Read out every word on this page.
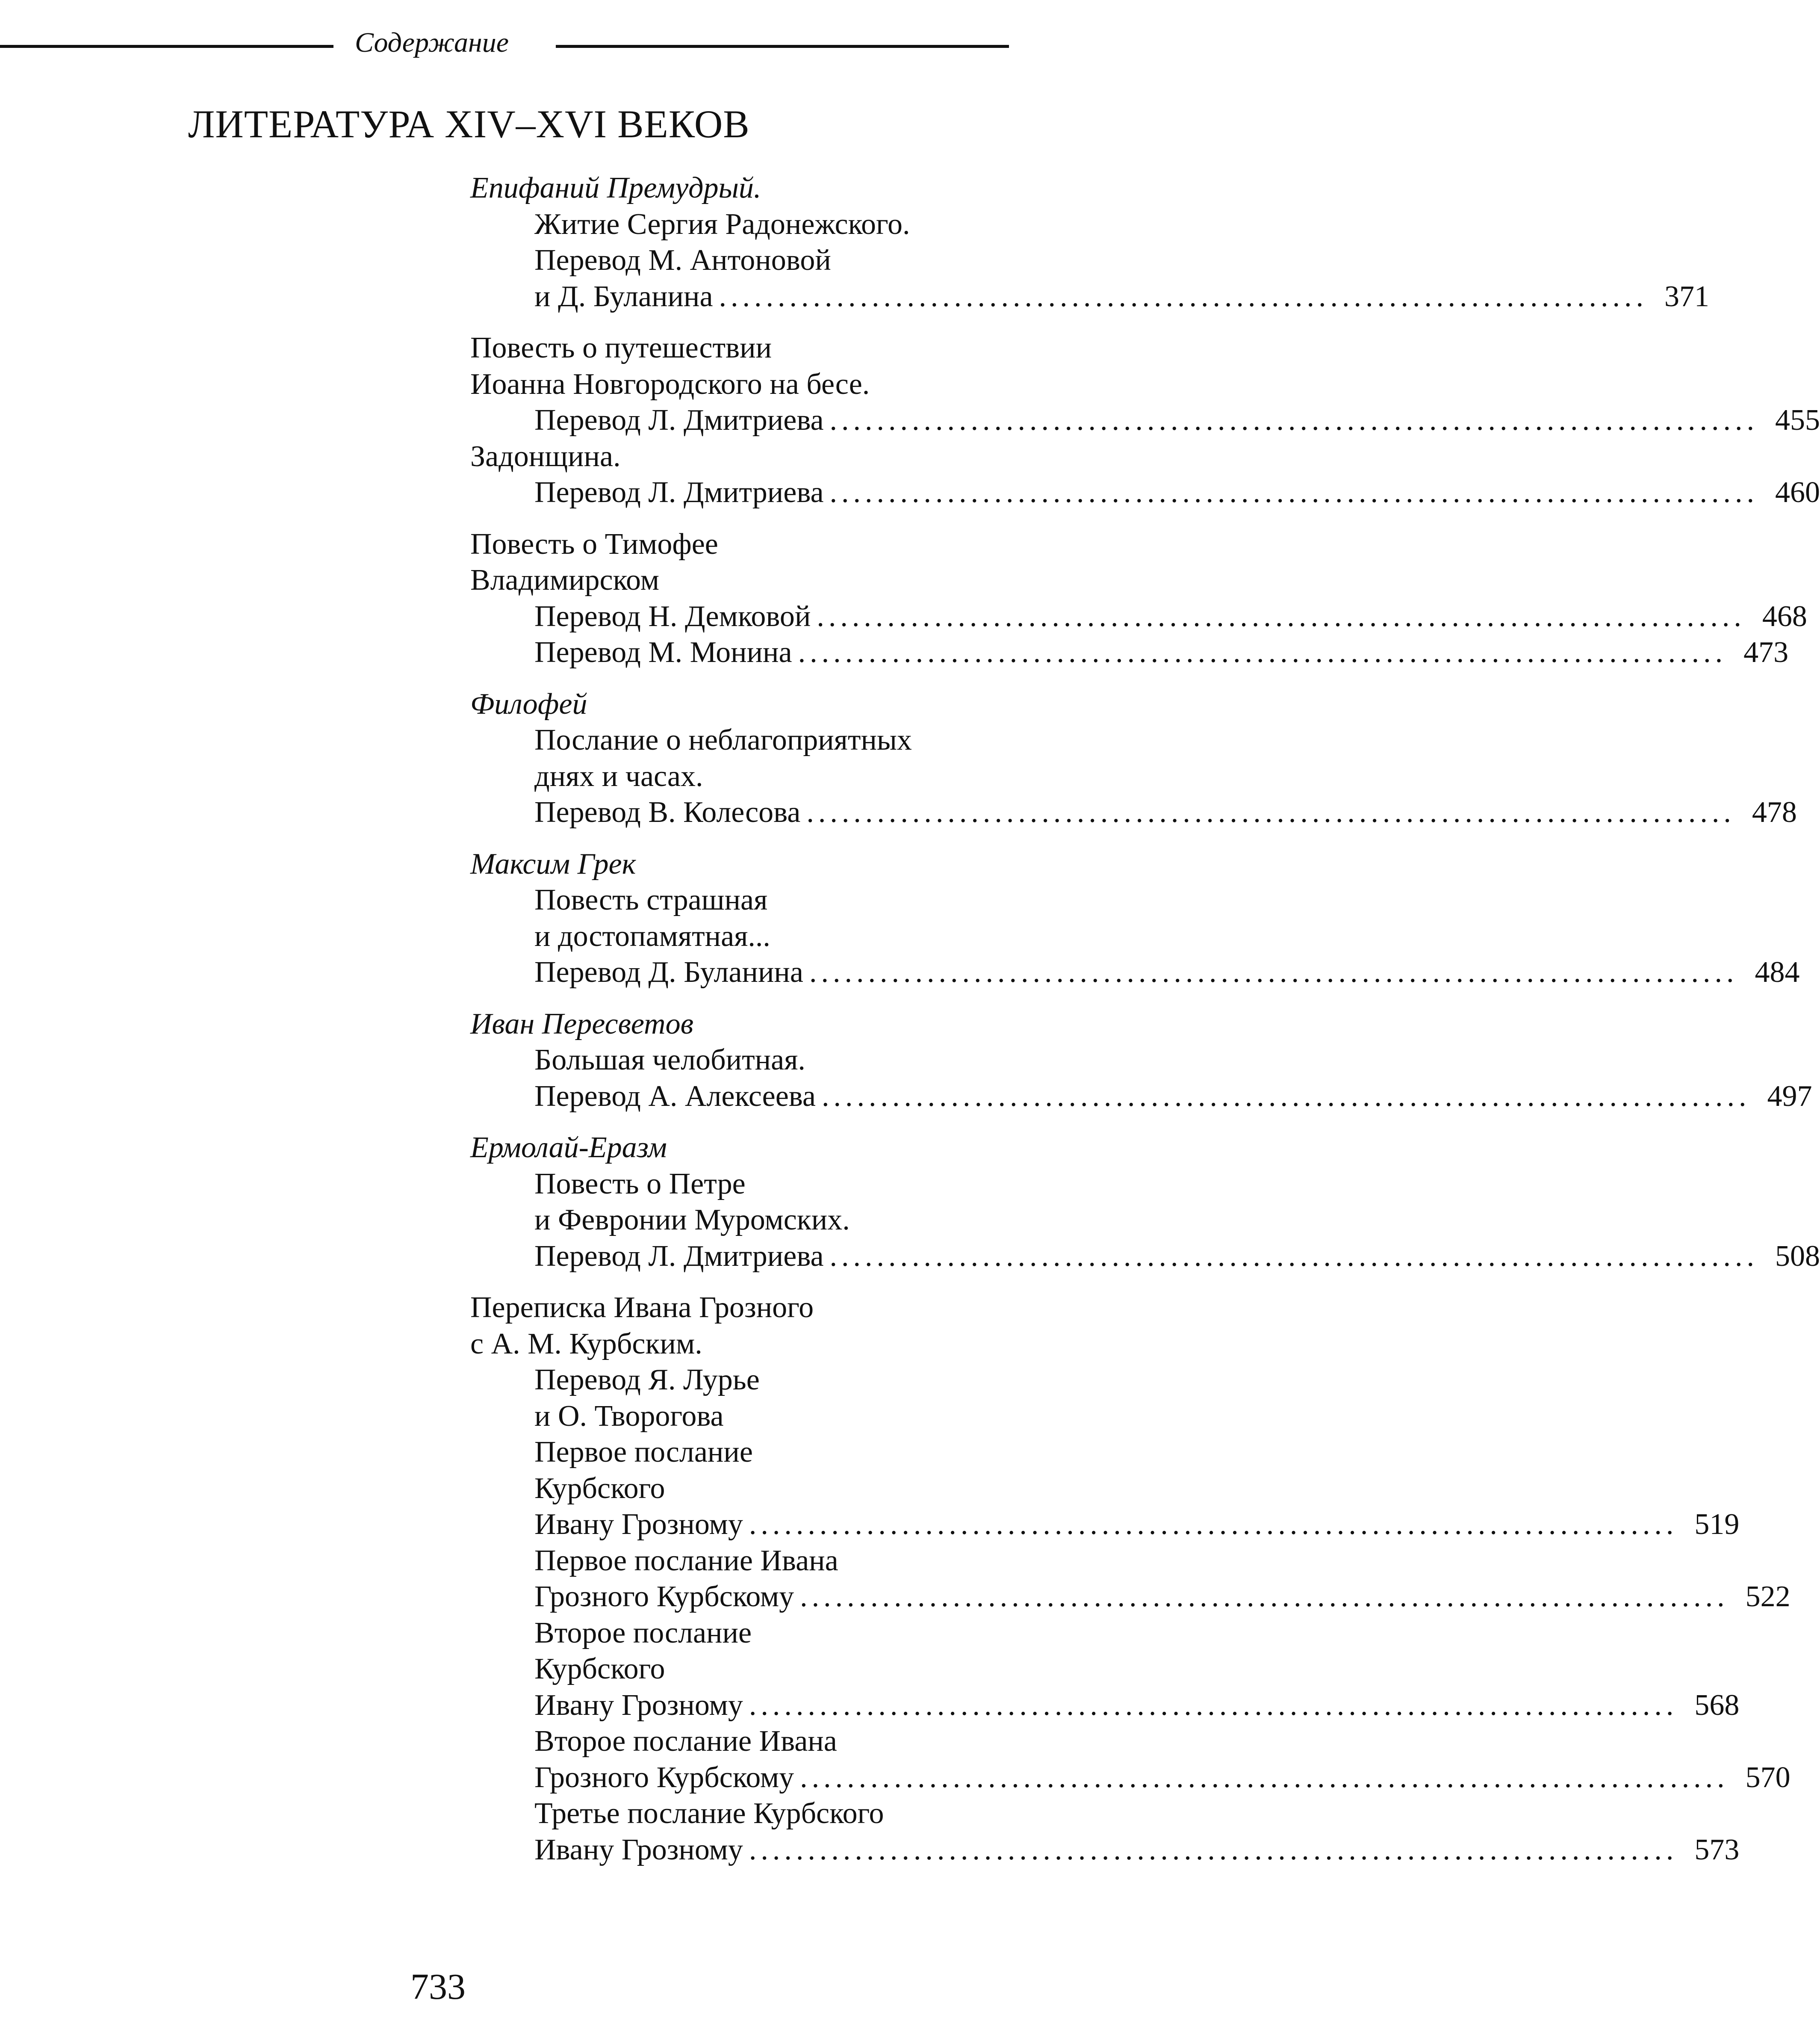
Содержание
ЛИТЕРАТУРА XIV–XVI ВЕКОВ
Епифаний Премудрый.
Житие Сергия Радонежского.
Перевод М. Антоновой
и Д. Буланина ............................................................................... 371
Повесть о путешествии
Иоанна Новгородского на бесе.
Перевод Л. Дмитриева ............................................................................... 455
Задонщина.
Перевод Л. Дмитриева ............................................................................... 460
Повесть о Тимофее
Владимирском
Перевод Н. Демковой ............................................................................... 468
Перевод М. Монина ............................................................................... 473
Филофей
Послание о неблагоприятных
днях и часах.
Перевод В. Колесова ............................................................................... 478
Максим Грек
Повесть страшная
и достопамятная...
Перевод Д. Буланина ............................................................................... 484
Иван Пересветов
Большая челобитная.
Перевод А. Алексеева ............................................................................... 497
Ермолай-Еразм
Повесть о Петре
и Февронии Муромских.
Перевод Л. Дмитриева ............................................................................... 508
Переписка Ивана Грозного
с А. М. Курбским.
Перевод Я. Лурье
и О. Творогова
Первое послание
Курбского
Ивану Грозному ............................................................................... 519
Первое послание Ивана
Грозного Курбскому ............................................................................... 522
Второе послание
Курбского
Ивану Грозному ............................................................................... 568
Второе послание Ивана
Грозного Курбскому ............................................................................... 570
Третье послание Курбского
Ивану Грозному ............................................................................... 573
733
